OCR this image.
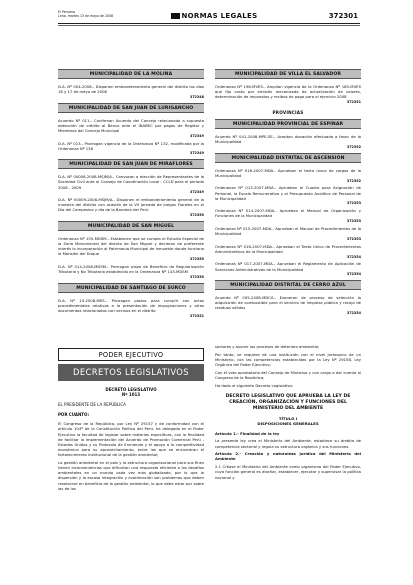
El Peruano
Lima, martes 13 de mayo de 2008	NORMAS LEGALES	372301
MUNICIPALIDAD DE LA MOLINA
D.A. Nº 004-2008.- Disponen embanderamiento general del distrito los días 16 y 17 de mayo de 2008
372348
MUNICIPALIDAD DE SAN JUAN DE LURIGANCHO
Acuerdo Nº 011.- Confirman Acuerdo del Concejo relacionado a supuesta obtención de crédito al Banco ante el INABEC por pagos de Regidor y Miembros del Concejo Municipal
372349
D.A. Nº 013.- Prorrogan vigencia de la Ordenanza Nº 132, modificada por la Ordenanza Nº 138
372349
MUNICIPALIDAD DE SAN JUAN DE MIRAFLORES
D.A. Nº 00008-2008-MSJM/A.- Convocan a elección de Representantes de la Sociedad Civil ante el Consejo de Coordinación Local - CCLD para el período 2008 - 2009
372349
D.A. Nº 00009-2008-MSJM/A.- Disponen el embanderamiento general de la muestra del distrito con ocasión de la VII Jornada de Juegos Florales en el Día del Campesino y día de la Bandera del Perú
372350
MUNICIPALIDAD DE SAN MIGUEL
Ordenanza Nº 155-MDSM.- Establecen que se cumpla el Estudio Especial de la Zona Monumental del distrito de San Miguel y declaran de preferente interés la incorporación al Patrimonio Municipal de inmueble donde funciona la Mansión del Duque
372350
D.A. Nº 014-2008-MDSM.- Prorrogan plazo de Beneficio de Regularización Tributaria y No Tributaria establecido en la Ordenanza Nº 143-MDSM
372350
MUNICIPALIDAD DE SANTIAGO DE SURCO
D.A. Nº 10-2008-MSS.- Prorrogan plazos para cumplir con actos procedimentales relativos a la presentación de impugnaciones y otros documentos relacionados con vecinos en el distrito
372351
MUNICIPALIDAD DE VILLA EL SALVADOR
Ordenanza Nº 198-MVES.- Amplían vigencia de la Ordenanza Nº 185-MVES que fija costo por emisión mecanizada de actualización de valores, determinación de impuestos y recibos de pago para el ejercicio 2008
372351
PROVINCIAS
MUNICIPALIDAD PROVINCIAL DE ESPINAR
Acuerdo Nº 041-2008-MPE-SE.- Aceptan donación efectuada a favor de la Municipalidad
372352
MUNICIPALIDAD DISTRITAL DE ASCENSIÓN
Ordenanza Nº 016-2007-MDA.- Aprueban el texto único de cargos de la Municipalidad
372352
Ordenanza Nº 013-2007-MDA.- Aprueban el Cuadro para Asignación de Personal, la Escala Remunerativa y el Presupuesto Analítico de Personal de la Municipalidad
372353
Ordenanza Nº 014-2007-MDA.- Aprueban el Manual de Organización y Funciones de la Municipalidad
372353
Ordenanza Nº 015-2007-MDA.- Aprueban el Manual de Procedimientos de la Municipalidad
372353
Ordenanza Nº 016-2007-MDA.- Aprueban el Texto Único de Procedimientos Administrativos de la Municipalidad
372354
Ordenanza Nº 017-2007-MDA.- Aprueban el Reglamento de Aplicación de Sanciones Administrativas de la Municipalidad
372354
MUNICIPALIDAD DISTRITAL DE CERRO AZUL
Acuerdo Nº 005-2008-MDCA.- Exoneran de proceso de selección la adquisición de combustible para el servicio de limpieza pública y recojo de residuos sólidos
372354
PODER EJECUTIVO
DECRETOS LEGISLATIVOS
DECRETO LEGISLATIVO
Nº 1013
EL PRESIDENTE DE LA REPÚBLICA
POR CUANTO:
El Congreso de la República, por Ley Nº 29157 y de conformidad con el artículo 104º de la Constitución Política del Perú, ha delegado en el Poder Ejecutivo la facultad de legislar sobre materias específicas, con la finalidad de facilitar la implementación del Acuerdo de Promoción Comercial Perú - Estados Unidos y su Protocolo de Enmienda y el apoyo a la competitividad económica para su aprovechamiento, entre las que se encuentran el fortalecimiento institucional de la gestión ambiental;
La gestión ambiental en el país y la estructura organizacional para sus fines tienen inconveniencias que dificultan una respuesta eficiente a los desafíos ambientales en un mundo cada vez más globalizado, por lo que la dispersión y la escasa integración y coordinación son problemas que deben resolverse en beneficio de la gestión ambiental, lo que debe estar por sobre las de los
sectores y asumir los procesos de deterioro ambiental;
Por tanto, se requiere de una institución con el nivel jerárquico de un Ministerio, con las competencias establecidas por la Ley Nº 29158, Ley Orgánica del Poder Ejecutivo;
Con el voto aprobatorio del Consejo de Ministros y con cargo a dar cuenta al Congreso de la República;
Ha dado el siguiente Decreto Legislativo:
DECRETO LEGISLATIVO QUE APRUEBA LA LEY DE CREACIÓN, ORGANIZACIÓN Y FUNCIONES DEL MINISTERIO DEL AMBIENTE
TÍTULO I
DISPOSICIONES GENERALES
Artículo 1.- Finalidad de la ley
La presente ley crea el Ministerio del Ambiente, establece su ámbito de competencia sectorial y regula su estructura orgánica y sus funciones.
Artículo 2.- Creación y naturaleza jurídica del Ministerio del Ambiente
2.1 Créase el Ministerio del Ambiente como organismo del Poder Ejecutivo, cuya función general es diseñar, establecer, ejecutar y supervisar la política nacional y
